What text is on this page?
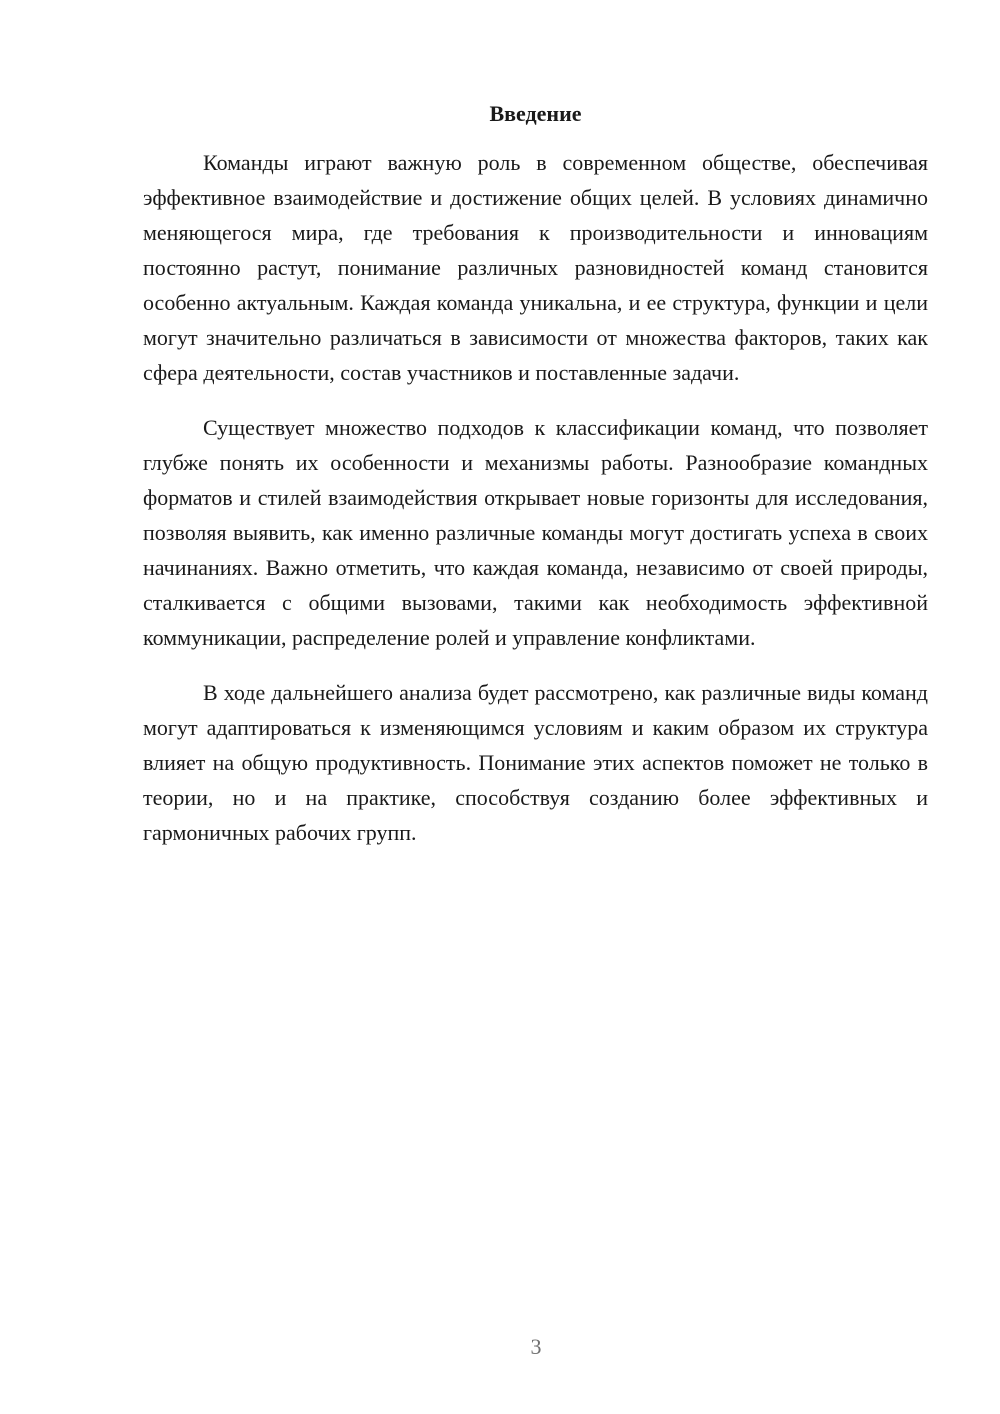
Введение

Команды играют важную роль в современном обществе, обеспечивая эффективное взаимодействие и достижение общих целей. В условиях динамично меняющегося мира, где требования к производительности и инновациям постоянно растут, понимание различных разновидностей команд становится особенно актуальным. Каждая команда уникальна, и ее структура, функции и цели могут значительно различаться в зависимости от множества факторов, таких как сфера деятельности, состав участников и поставленные задачи.

Существует множество подходов к классификации команд, что позволяет глубже понять их особенности и механизмы работы. Разнообразие командных форматов и стилей взаимодействия открывает новые горизонты для исследования, позволяя выявить, как именно различные команды могут достигать успеха в своих начинаниях. Важно отметить, что каждая команда, независимо от своей природы, сталкивается с общими вызовами, такими как необходимость эффективной коммуникации, распределение ролей и управление конфликтами.

В ходе дальнейшего анализа будет рассмотрено, как различные виды команд могут адаптироваться к изменяющимся условиям и каким образом их структура влияет на общую продуктивность. Понимание этих аспектов поможет не только в теории, но и на практике, способствуя созданию более эффективных и гармоничных рабочих групп.

3
